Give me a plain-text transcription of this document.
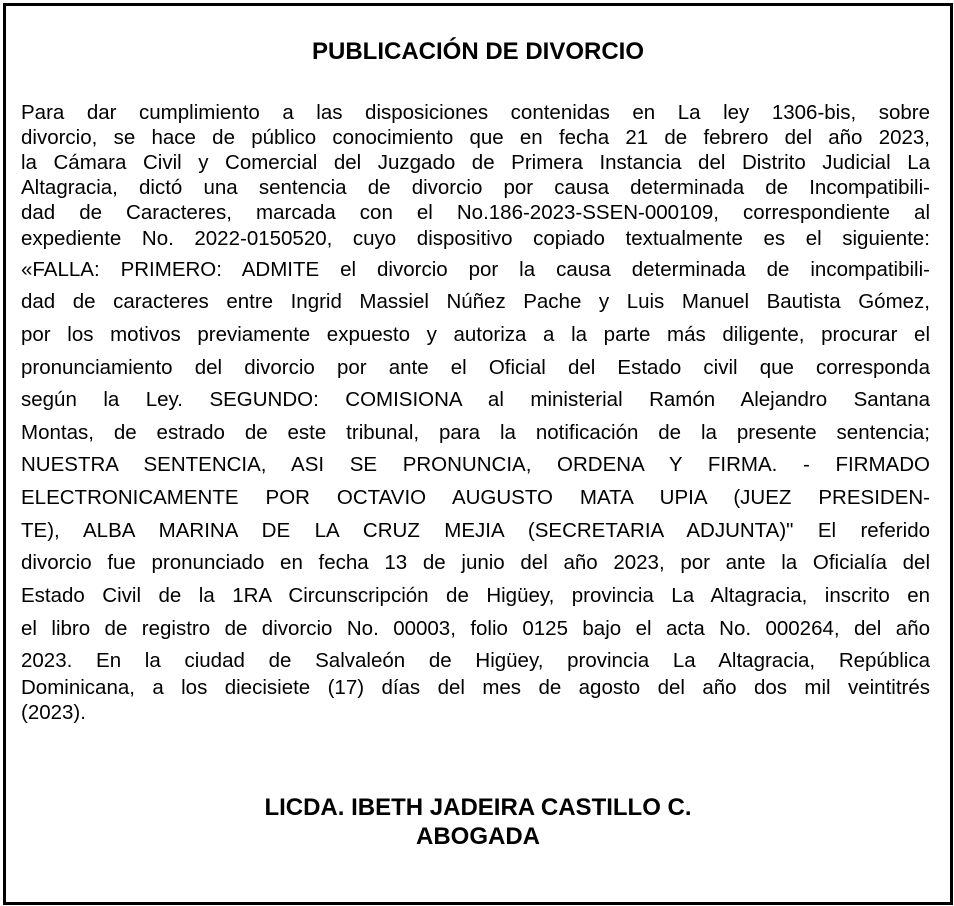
PUBLICACIÓN DE DIVORCIO
Para dar cumplimiento a las disposiciones contenidas en La ley 1306-bis, sobre
divorcio, se hace de público conocimiento que en fecha 21 de febrero del año 2023,
la Cámara Civil y Comercial del Juzgado de Primera Instancia del Distrito Judicial La
Altagracia, dictó una sentencia de divorcio por causa determinada de Incompatibili-
dad de Caracteres, marcada con el No.186-2023-SSEN-000109, correspondiente al
expediente No. 2022-0150520, cuyo dispositivo copiado textualmente es el siguiente:
«FALLA: PRIMERO: ADMITE el divorcio por la causa determinada de incompatibili-
dad de caracteres entre Ingrid Massiel Núñez Pache y Luis Manuel Bautista Gómez,
por los motivos previamente expuesto y autoriza a la parte más diligente, procurar el
pronunciamiento del divorcio por ante el Oficial del Estado civil que corresponda
según la Ley. SEGUNDO: COMISIONA al ministerial Ramón Alejandro Santana
Montas, de estrado de este tribunal, para la notificación de la presente sentencia;
NUESTRA SENTENCIA, ASI SE PRONUNCIA, ORDENA Y FIRMA. - FIRMADO
ELECTRONICAMENTE POR OCTAVIO AUGUSTO MATA UPIA (JUEZ PRESIDEN-
TE), ALBA MARINA DE LA CRUZ MEJIA (SECRETARIA ADJUNTA)" El referido
divorcio fue pronunciado en fecha 13 de junio del año 2023, por ante la Oficialía del
Estado Civil de la 1RA Circunscripción de Higüey, provincia La Altagracia, inscrito en
el libro de registro de divorcio No. 00003, folio 0125 bajo el acta No. 000264, del año
2023. En la ciudad de Salvaleón de Higüey, provincia La Altagracia, República
Dominicana, a los diecisiete (17) días del mes de agosto del año dos mil veintitrés
(2023).
LICDA. IBETH JADEIRA CASTILLO C.
ABOGADA
